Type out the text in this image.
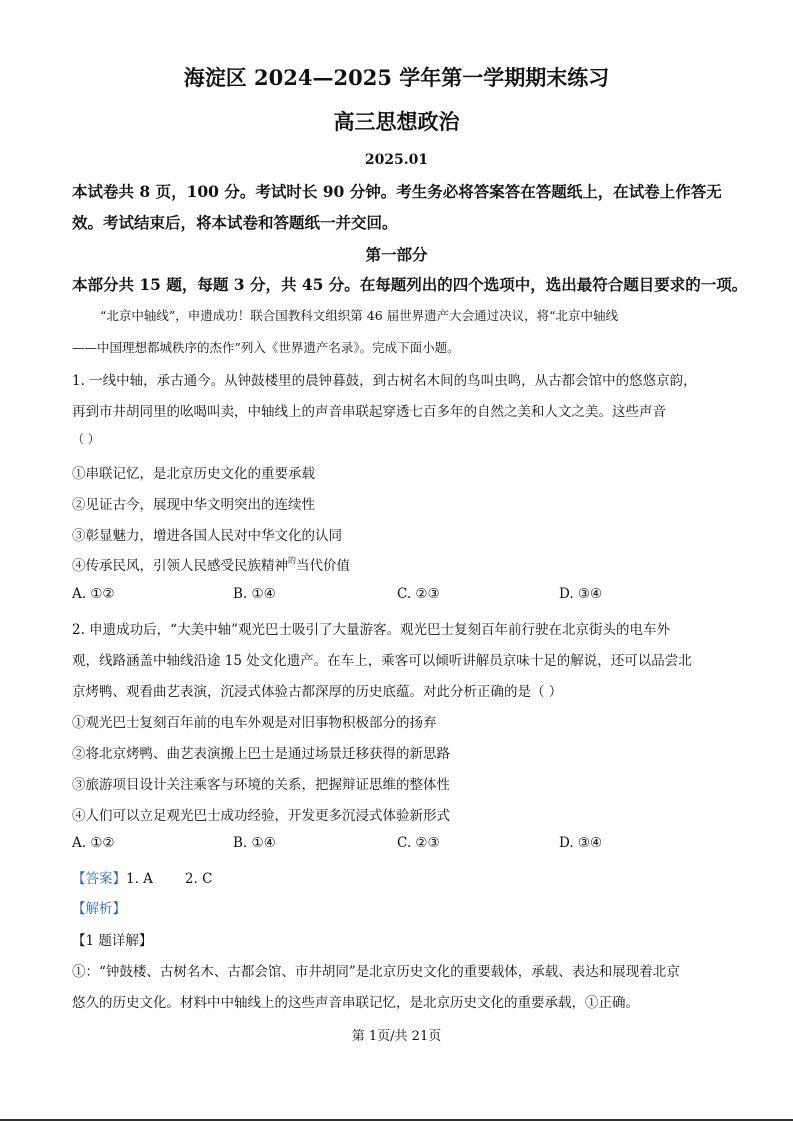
海淀区 2024—2025 学年第一学期期末练习
高三思想政治
2025.01
本试卷共 8 页，100 分。考试时长 90 分钟。考生务必将答案答在答题纸上，在试卷上作答无
效。考试结束后，将本试卷和答题纸一并交回。
第一部分
本部分共 15 题，每题 3 分，共 45 分。在每题列出的四个选项中，选出最符合题目要求的一项。
“北京中轴线”，申遗成功！联合国教科文组织第 46 届世界遗产大会通过决议，将“北京中轴线
——中国理想都城秩序的杰作”列入《世界遗产名录》。完成下面小题。
1. 一线中轴，承古通今。从钟鼓楼里的晨钟暮鼓，到古树名木间的鸟叫虫鸣，从古都会馆中的悠悠京韵，
再到市井胡同里的吆喝叫卖，中轴线上的声音串联起穿透七百多年的自然之美和人文之美。这些声音
（ ）
①串联记忆，是北京历史文化的重要承载
②见证古今，展现中华文明突出的连续性
③彰显魅力，增进各国人民对中华文化的认同
④传承民风，引领人民感受民族精神$^的$当代价值
A. ①②	B. ①④	C. ②③	D. ③④
2. 申遗成功后，“大美中轴”观光巴士吸引了大量游客。观光巴士复刻百年前行驶在北京街头的电车外
观，线路涵盖中轴线沿途 15 处文化遗产。在车上，乘客可以倾听讲解员京味十足的解说，还可以品尝北
京烤鸭、观看曲艺表演，沉浸式体验古都深厚的历史底蕴。对此分析正确的是（ ）
①观光巴士复刻百年前的电车外观是对旧事物积极部分的扬弃
②将北京烤鸭、曲艺表演搬上巴士是通过场景迁移获得的新思路
③旅游项目设计关注乘客与环境的关系，把握辩证思维的整体性
④人们可以立足观光巴士成功经验，开发更多沉浸式体验新形式
A. ①②	B. ①④	C. ②③	D. ③④
【答案】1. A 2. C
【解析】
【1 题详解】
①：“钟鼓楼、古树名木、古都会馆、市井胡同”是北京历史文化的重要载体，承载、表达和展现着北京
悠久的历史文化。材料中中轴线上的这些声音串联记忆，是北京历史文化的重要承载，①正确。
第 1页/共 21页
